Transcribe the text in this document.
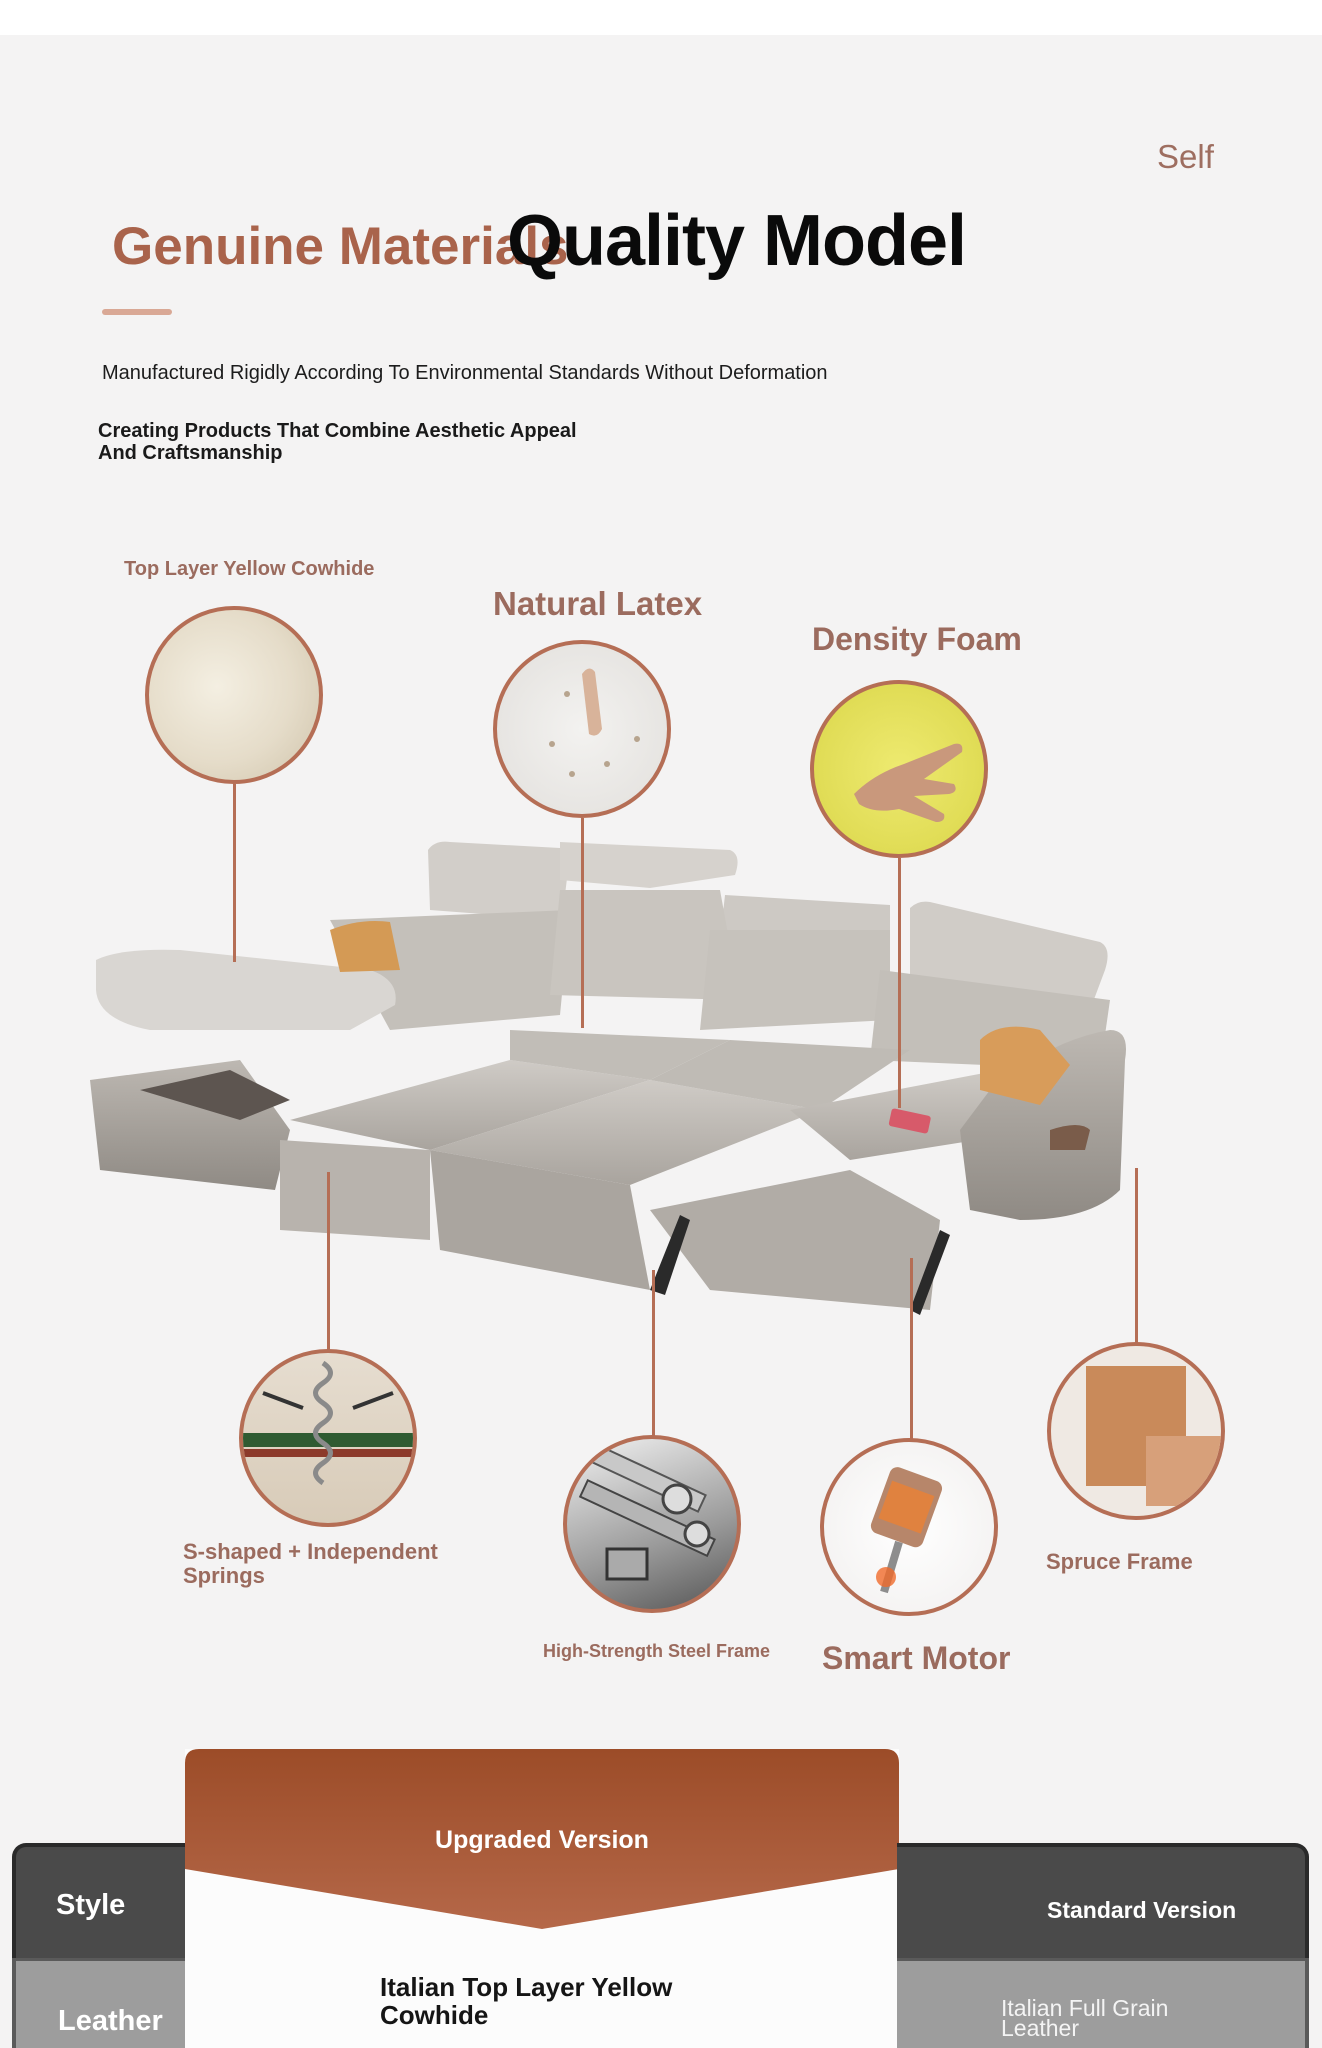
Self
Genuine Materials
Quality Model
Manufactured Rigidly According To Environmental Standards Without Deformation
Creating Products That Combine Aesthetic Appeal
And Craftsmanship
Top Layer Yellow Cowhide
Natural Latex
Density Foam
S-shaped + Independent
Springs
High-Strength Steel Frame Smart Motor
Spruce Frame
Style
Leather
Upgraded Version
Italian Top Layer Yellow
Cowhide
Standard Version
Italian Full Grain
Leather
